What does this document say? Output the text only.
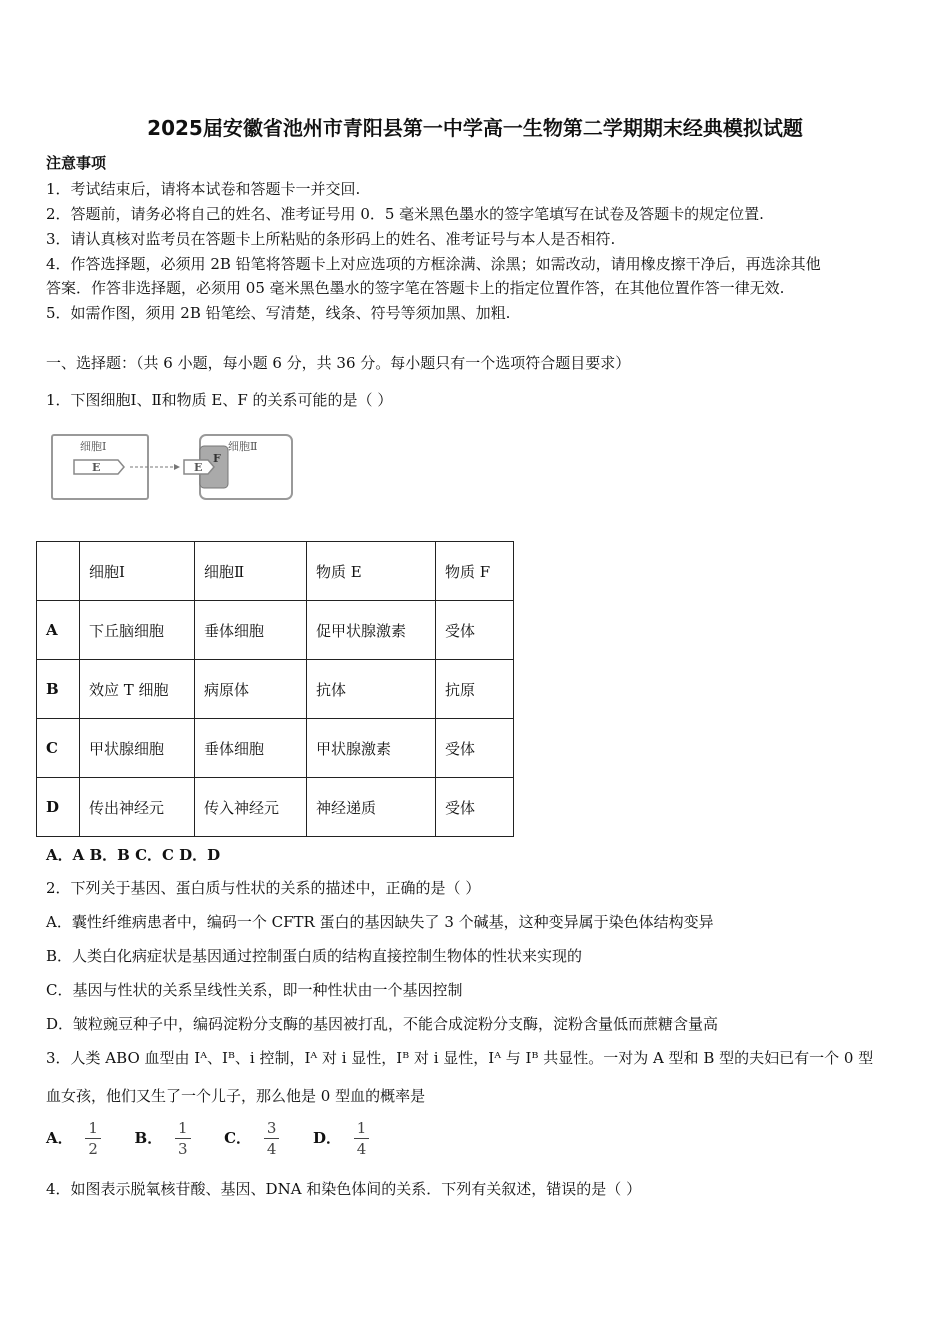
2025届安徽省池州市青阳县第一中学高一生物第二学期期末经典模拟试题
注意事项
1．考试结束后，请将本试卷和答题卡一并交回.
2．答题前，请务必将自己的姓名、准考证号用 0．5 毫米黑色墨水的签字笔填写在试卷及答题卡的规定位置.
3．请认真核对监考员在答题卡上所粘贴的条形码上的姓名、准考证号与本人是否相符.
4．作答选择题，必须用 2B 铅笔将答题卡上对应选项的方框涂满、涂黑；如需改动，请用橡皮擦干净后，再选涂其他
答案．作答非选择题，必须用 05 毫米黑色墨水的签字笔在答题卡上的指定位置作答，在其他位置作答一律无效.
5．如需作图，须用 2B 铅笔绘、写清楚，线条、符号等须加黑、加粗.
一、选择题：（共 6 小题，每小题 6 分，共 36 分。每小题只有一个选项符合题目要求）
1．下图细胞Ⅰ、Ⅱ和物质 E、F 的关系可能的是（ ）
细胞Ⅰ
E
细胞Ⅱ
E
F
	细胞Ⅰ	细胞Ⅱ	物质 E	物质 F
A	下丘脑细胞	垂体细胞	促甲状腺激素	受体
B	效应 T 细胞	病原体	抗体	抗原
C	甲状腺细胞	垂体细胞	甲状腺激素	受体
D	传出神经元	传入神经元	神经递质	受体
A．A B．B C．C D．D
2．下列关于基因、蛋白质与性状的关系的描述中，正确的是（ ）
A．囊性纤维病患者中，编码一个 CFTR 蛋白的基因缺失了 3 个碱基，这种变异属于染色体结构变异
B．人类白化病症状是基因通过控制蛋白质的结构直接控制生物体的性状来实现的
C．基因与性状的关系呈线性关系，即一种性状由一个基因控制
D．皱粒豌豆种子中，编码淀粉分支酶的基因被打乱，不能合成淀粉分支酶，淀粉含量低而蔗糖含量高
3．人类 ABO 血型由 Iᴬ、Iᴮ、i 控制，Iᴬ 对 i 显性，Iᴮ 对 i 显性，Iᴬ 与 Iᴮ 共显性。一对为 A 型和 B 型的夫妇已有一个 0 型
血女孩，他们又生了一个儿子，那么他是 0 型血的概率是
A． $\frac{1}{2}$ B． $\frac{1}{3}$ C． $\frac{3}{4}$ D． $\frac{1}{4}$
4．如图表示脱氧核苷酸、基因、DNA 和染色体间的关系．下列有关叙述，错误的是（ ）
